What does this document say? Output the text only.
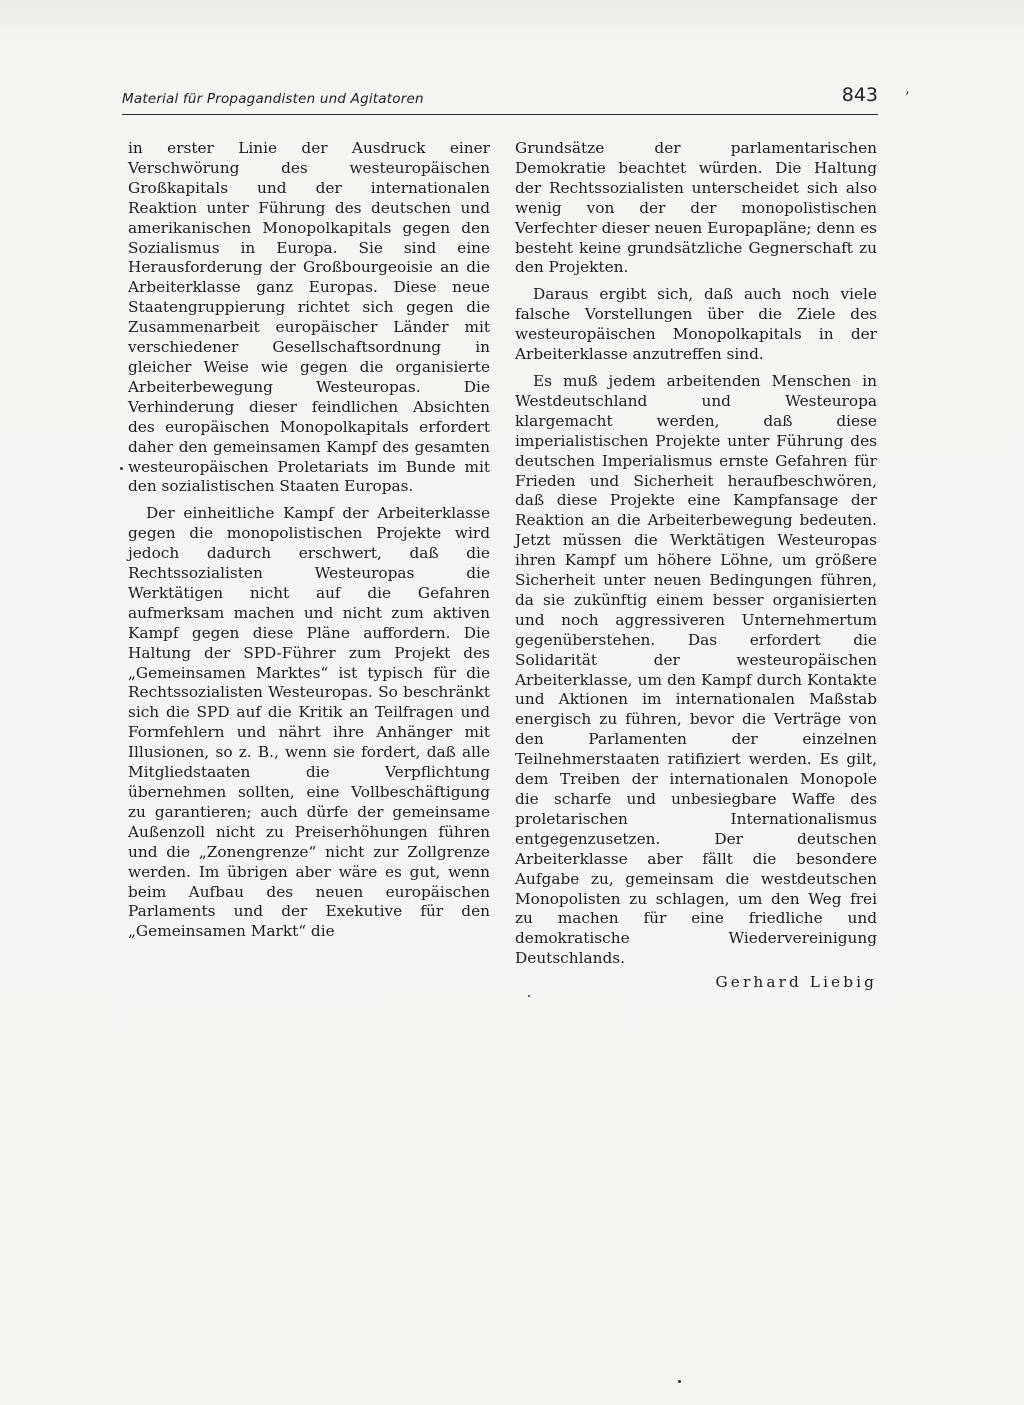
Material für Propagandisten und Agitatoren	843 ’

in erster Linie der Ausdruck einer Verschwörung des westeuropäischen Großkapitals und der internationalen Reaktion unter Führung des deutschen und amerikanischen Monopolkapitals gegen den Sozialismus in Europa. Sie sind eine Herausforderung der Großbourgeoisie an die Arbeiterklasse ganz Europas. Diese neue Staatengruppierung richtet sich gegen die Zusammenarbeit europäischer Länder mit verschiedener Gesellschaftsordnung in gleicher Weise wie gegen die organisierte Arbeiterbewegung Westeuropas. Die Verhinderung dieser feindlichen Absichten des europäischen Monopolkapitals erfordert daher den gemeinsamen Kampf des gesamten westeuropäischen Proletariats im Bunde mit den sozialistischen Staaten Europas.

Der einheitliche Kampf der Arbeiterklasse gegen die monopolistischen Projekte wird jedoch dadurch erschwert, daß die Rechtssozialisten Westeuropas die Werktätigen nicht auf die Gefahren aufmerksam machen und nicht zum aktiven Kampf gegen diese Pläne auffordern. Die Haltung der SPD-Führer zum Projekt des „Gemeinsamen Marktes“ ist typisch für die Rechtssozialisten Westeuropas. So beschränkt sich die SPD auf die Kritik an Teilfragen und Formfehlern und nährt ihre Anhänger mit Illusionen, so z. B., wenn sie fordert, daß alle Mitgliedstaaten die Verpflichtung übernehmen sollten, eine Vollbeschäftigung zu garantieren; auch dürfe der gemeinsame Außenzoll nicht zu Preiserhöhungen führen und die „Zonengrenze“ nicht zur Zollgrenze werden. Im übrigen aber wäre es gut, wenn beim Aufbau des neuen europäischen Parlaments und der Exekutive für den „Gemeinsamen Markt“ die

Grundsätze der parlamentarischen Demokratie beachtet würden. Die Haltung der Rechtssozialisten unterscheidet sich also wenig von der der monopolistischen Verfechter dieser neuen Europapläne; denn es besteht keine grundsätzliche Gegnerschaft zu den Projekten.

Daraus ergibt sich, daß auch noch viele falsche Vorstellungen über die Ziele des westeuropäischen Monopolkapitals in der Arbeiterklasse anzutreffen sind.

Es muß jedem arbeitenden Menschen in Westdeutschland und Westeuropa klargemacht werden, daß diese imperialistischen Projekte unter Führung des deutschen Imperialismus ernste Gefahren für Frieden und Sicherheit heraufbeschwören, daß diese Projekte eine Kampfansage der Reaktion an die Arbeiterbewegung bedeuten. Jetzt müssen die Werktätigen Westeuropas ihren Kampf um höhere Löhne, um größere Sicherheit unter neuen Bedingungen führen, da sie zukünftig einem besser organisierten und noch aggressiveren Unternehmertum gegenüberstehen. Das erfordert die Solidarität der westeuropäischen Arbeiterklasse, um den Kampf durch Kontakte und Aktionen im internationalen Maßstab energisch zu führen, bevor die Verträge von den Parlamenten der einzelnen Teilnehmerstaaten ratifiziert werden. Es gilt, dem Treiben der internationalen Monopole die scharfe und unbesiegbare Waffe des proletarischen Internationalismus entgegenzusetzen. Der deutschen Arbeiterklasse aber fällt die besondere Aufgabe zu, gemeinsam die westdeutschen Monopolisten zu schlagen, um den Weg frei zu machen für eine friedliche und demokratische Wiedervereinigung Deutschlands.

Gerhard Liebig
